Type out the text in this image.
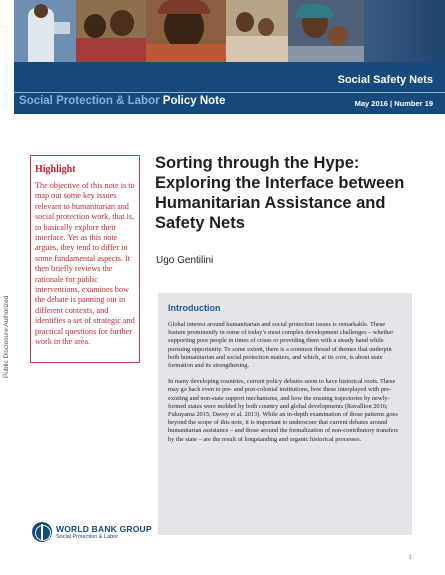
Public Disclosure Authorized
Public Disclosure Authorized
Social Safety Nets
Social Protection & Labor Policy Note	May 2016 | Number 19
Highlight
The objective of this note is to map out some key issues relevant to humanitarian and social protection work, that is, to basically explore their interface. Yet as this note argues, they tend to differ in some fundamental aspects. It then briefly reviews the rationale for public interventions, examines how the debate is panning out in different contexts, and identifies a set of strategic and practical questions for further work in the area.
Sorting through the Hype: Exploring the Interface between Humanitarian Assistance and Safety Nets
Ugo Gentilini
Introduction

Global interest around humanitarian and social protection issues is remarkable. These feature prominently in some of today’s most complex development challenges – whether supporting poor people in times of crises or providing them with a steady hand while pursuing opportunity. To some extent, there is a common thread of themes that underpin both humanitarian and social protection matters, and which, at its core, is about state formation and its strengthening.

In many developing countries, current policy debates seem to have historical roots. These may go back even to pre- and post-colonial institutions, how these interplayed with pre-existing and non-state support mechanisms, and how the ensuing trajectories by newly-formed states were molded by both country and global developments (Ravallion 2016; Fukuyama 2015; Davey et al. 2013). While an in-depth examination of those patterns goes beyond the scope of this note, it is important to underscore that current debates around humanitarian assistance – and those around the formalization of non-contributory transfers by the state – are the result of longstanding and organic historical processes.

WORLD BANK GROUP
Social Protection & Labor
1
